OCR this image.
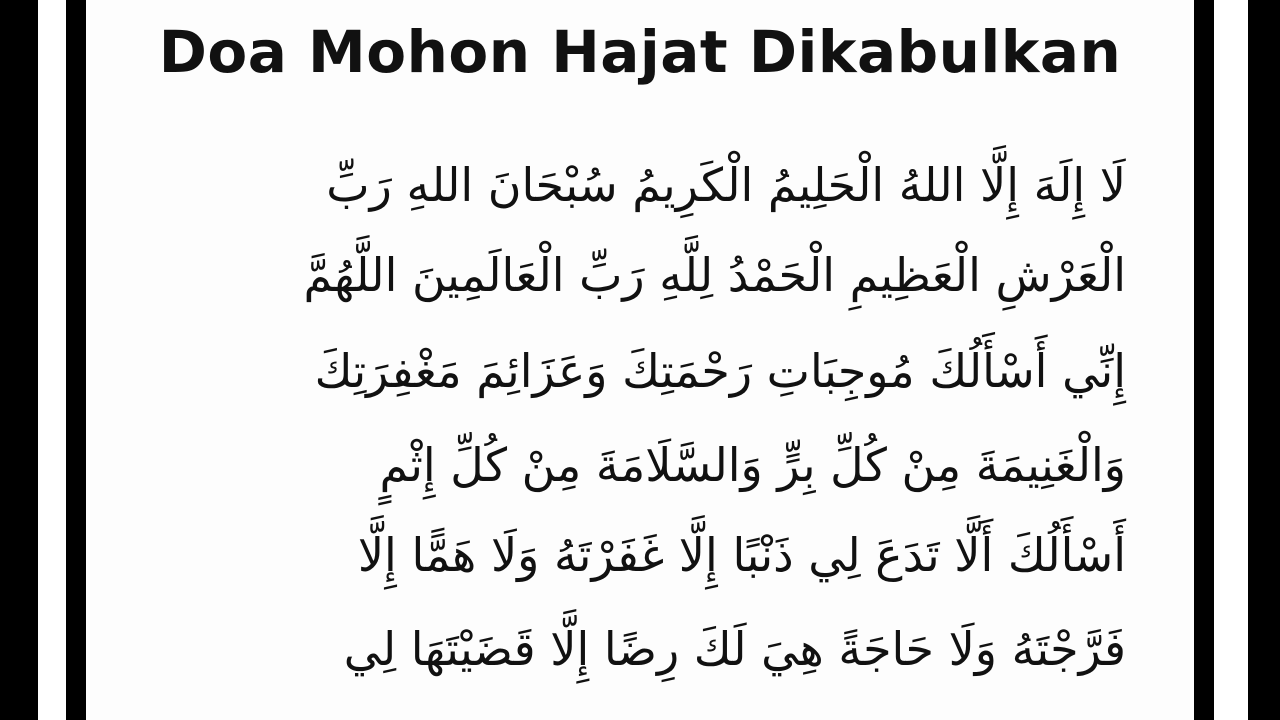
Doa Mohon Hajat Dikabulkan
لَا إِلَهَ إِلَّا اللهُ الْحَلِيمُ الْكَرِيمُ سُبْحَانَ اللهِ رَبِّ
الْعَرْشِ الْعَظِيمِ الْحَمْدُ لِلَّهِ رَبِّ الْعَالَمِينَ اللَّهُمَّ
إِنِّي أَسْأَلُكَ مُوجِبَاتِ رَحْمَتِكَ وَعَزَائِمَ مَغْفِرَتِكَ
وَالْغَنِيمَةَ مِنْ كُلِّ بِرٍّ وَالسَّلَامَةَ مِنْ كُلِّ إِثْمٍ
أَسْأَلُكَ أَلَّا تَدَعَ لِي ذَنْبًا إِلَّا غَفَرْتَهُ وَلَا هَمًّا إِلَّا
فَرَّجْتَهُ وَلَا حَاجَةً هِيَ لَكَ رِضًا إِلَّا قَضَيْتَهَا لِي
